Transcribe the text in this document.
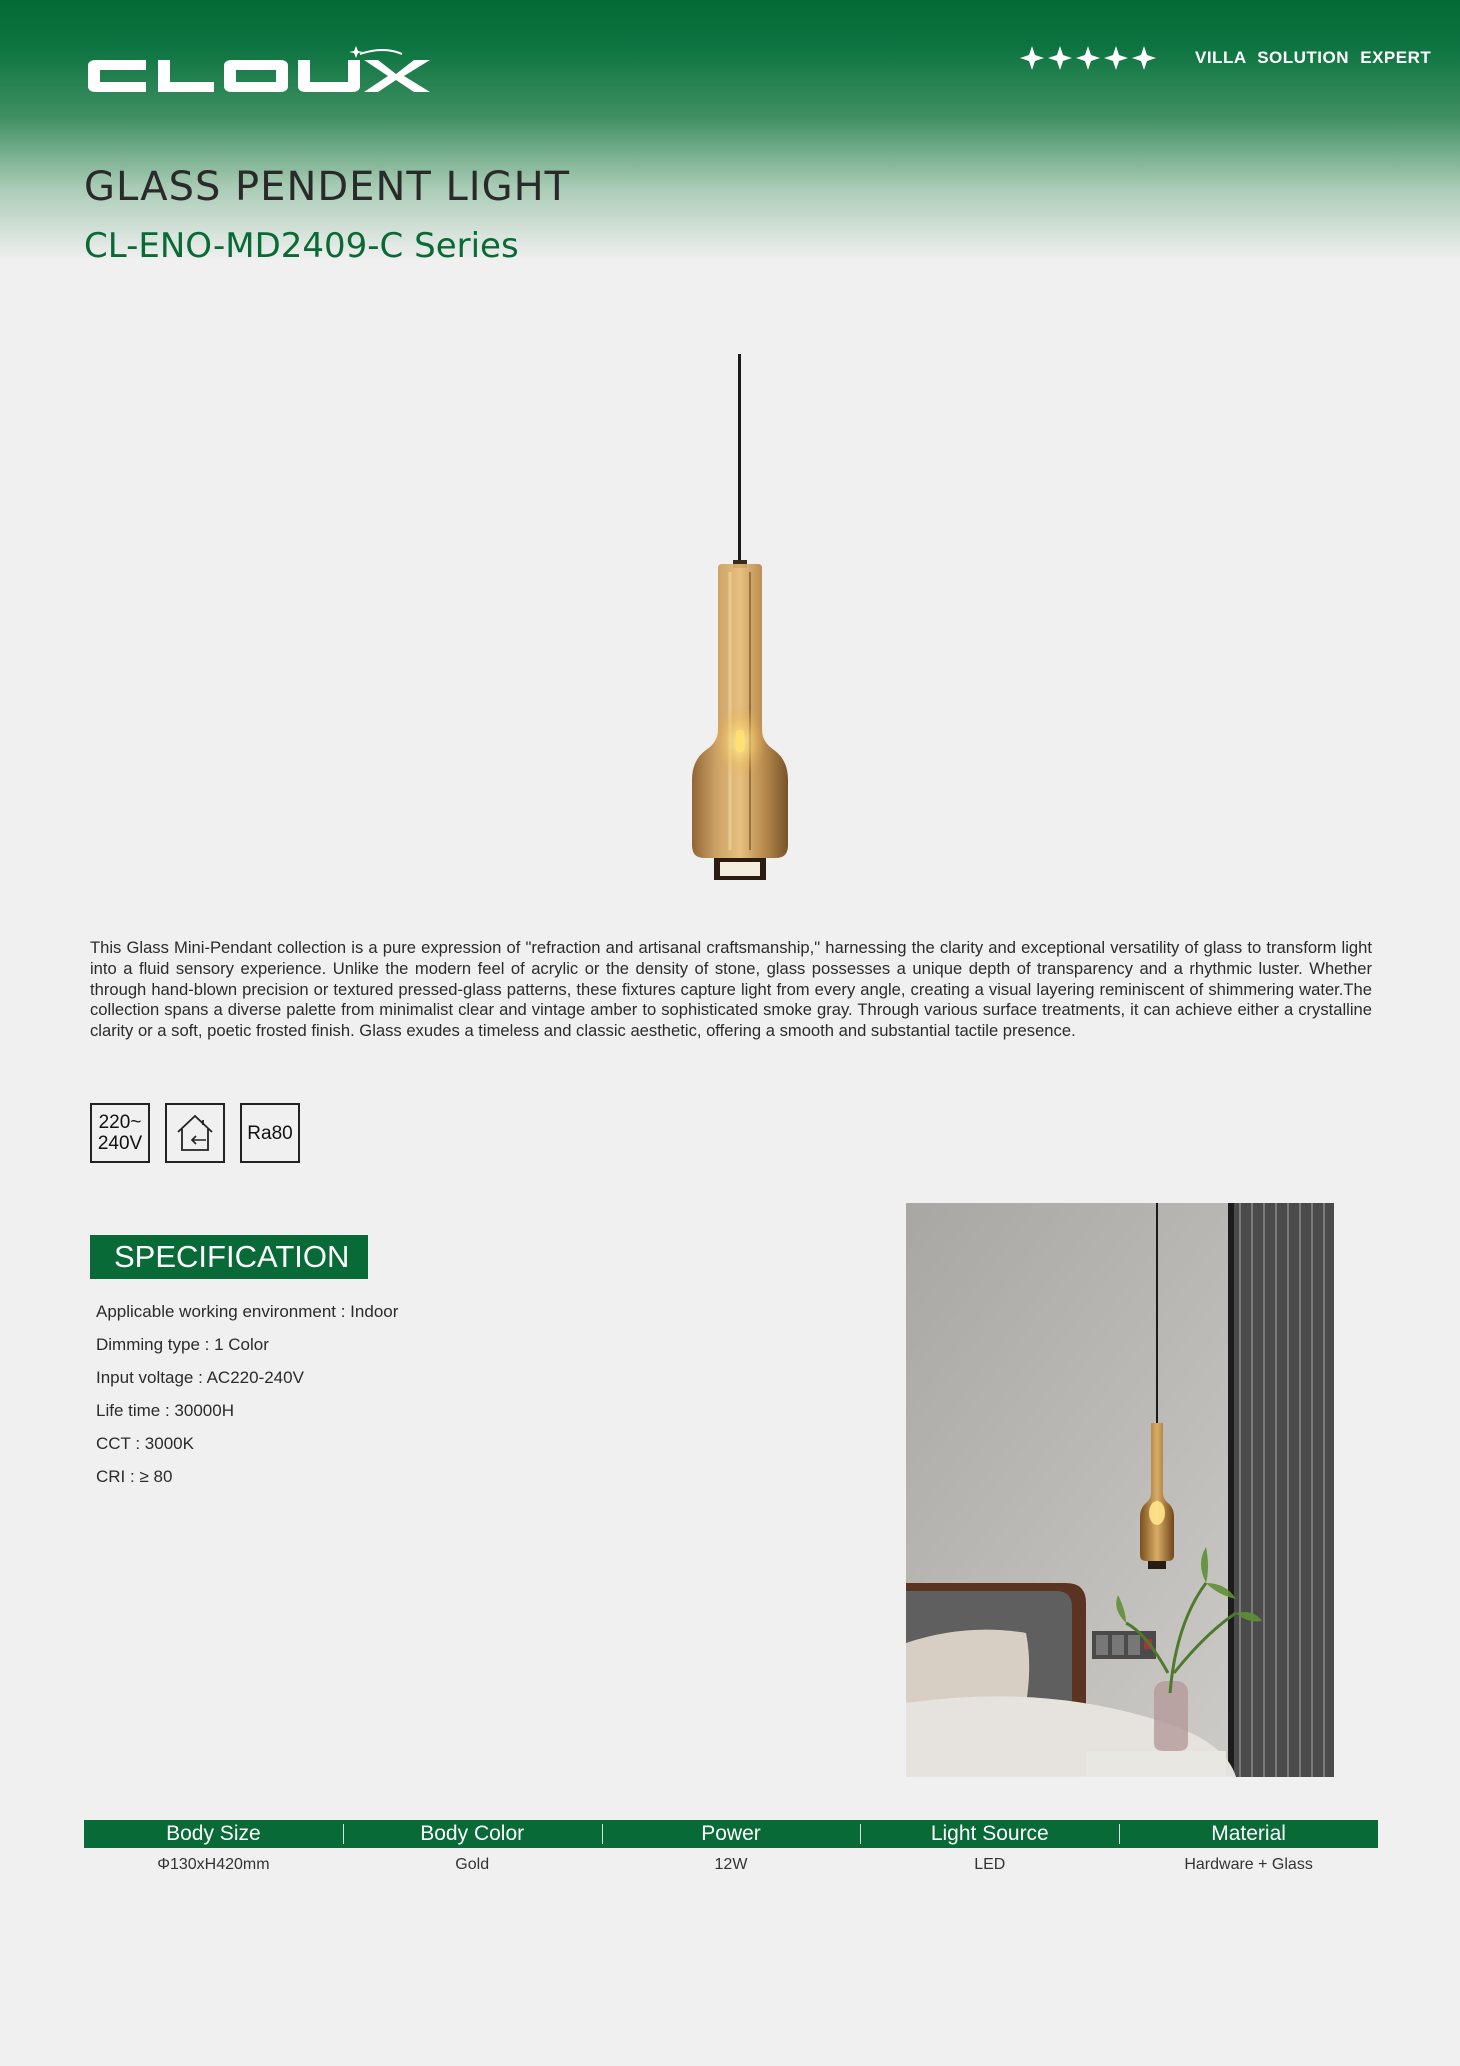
VILLA SOLUTION EXPERT
GLASS PENDENT LIGHT
CL-ENO-MD2409-C Series
This Glass Mini-Pendant collection is a pure expression of "refraction and artisanal craftsmanship," harnessing the clarity and exceptional versatility of glass to transform light into a fluid sensory experience. Unlike the modern feel of acrylic or the density of stone, glass possesses a unique depth of transparency and a rhythmic luster. Whether through hand-blown precision or textured pressed-glass patterns, these fixtures capture light from every angle, creating a visual layering reminiscent of shimmering water.The collection spans a diverse palette from minimalist clear and vintage amber to sophisticated smoke gray. Through various surface treatments, it can achieve either a crystalline clarity or a soft, poetic frosted finish. Glass exudes a timeless and classic aesthetic, offering a smooth and substantial tactile presence.
220~
240V	Ra80
SPECIFICATION
Applicable working environment : Indoor
Dimming type : 1 Color
Input voltage : AC220-240V
Life time : 30000H
CCT : 3000K
CRI : ≥ 80
Body Size	Body Color	Power	Light Source	Material
Φ130xH420mm	Gold	12W	LED	Hardware + Glass
